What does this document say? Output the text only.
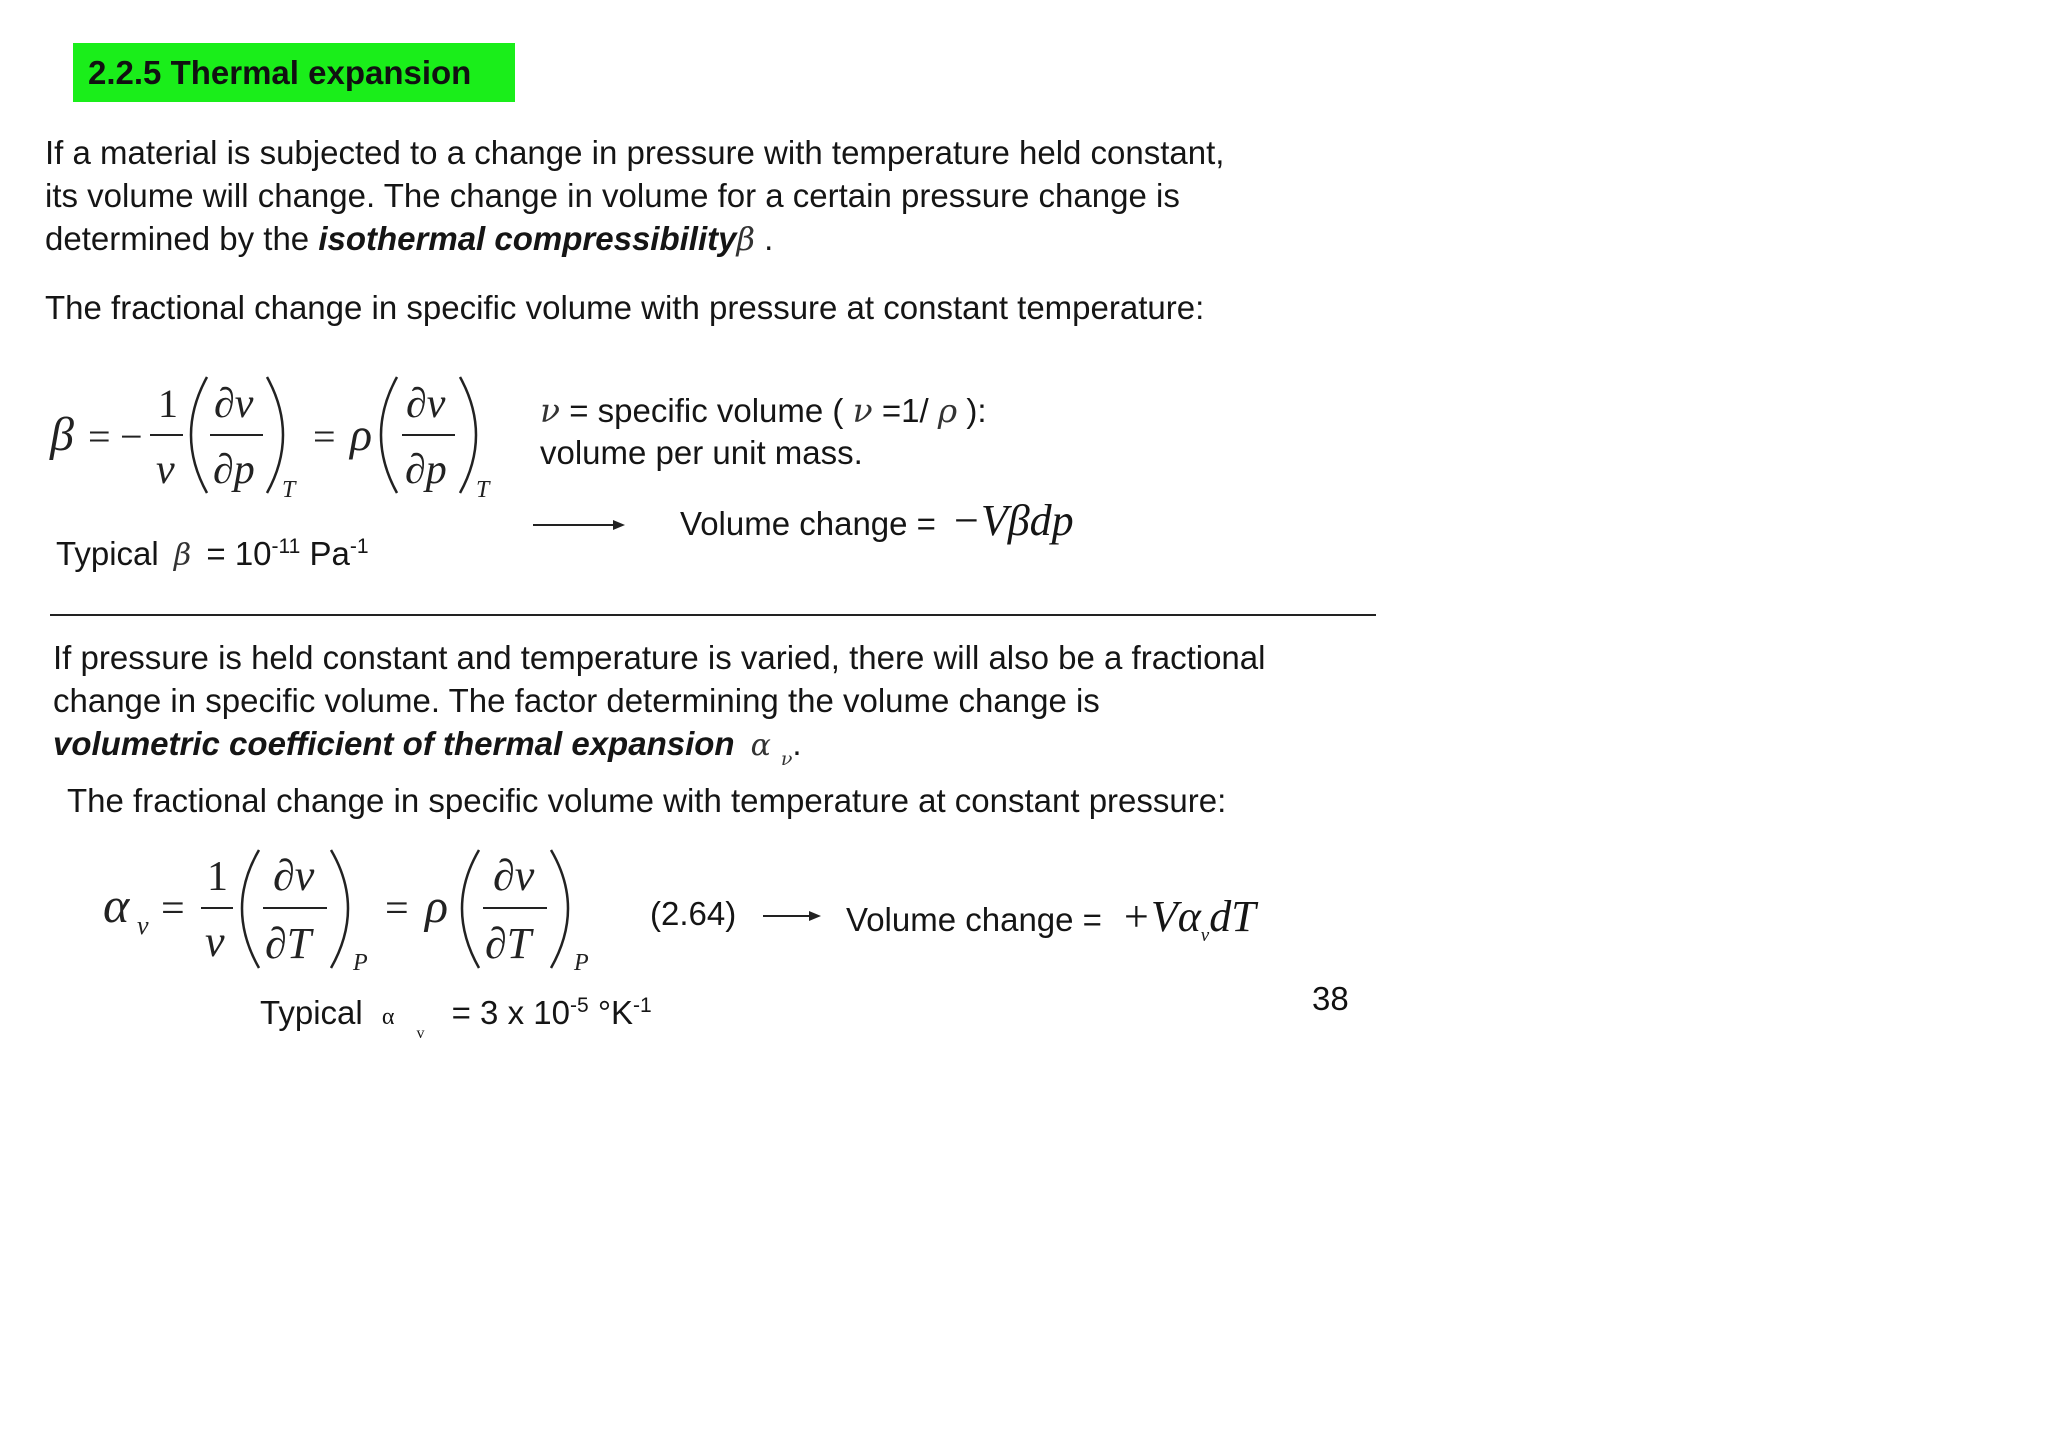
2.2.5 Thermal expansion
If a material is subjected to a change in pressure with temperature held constant,
its volume will change. The change in volume for a certain pressure change is
determined by the isothermal compressibilityβ .
The fractional change in specific volume with pressure at constant temperature:
β = −
1
v
∂v
∂p T
= ρ
∂v
∂p T
ν = specific volume ( ν =1/ ρ ):
volume per unit mass.
Volume change = −Vβdp
Typical $\beta = 10^{-11}$ $Pa^{-1}$
If pressure is held constant and temperature is varied, there will also be a fractional
change in specific volume. The factor determining the volume change is
volumetric coefficient of thermal expansion α $_\nu$.
The fractional change in specific volume with temperature at constant pressure:
α v =
1
v
∂v
∂T P
= ρ
∂v
∂T P
(2.64)	Volume change = $+V\alpha_vdT$
Typical $\alpha_v = 3$ x $10^{-5}$ $^\circ K^{-1}$	38
